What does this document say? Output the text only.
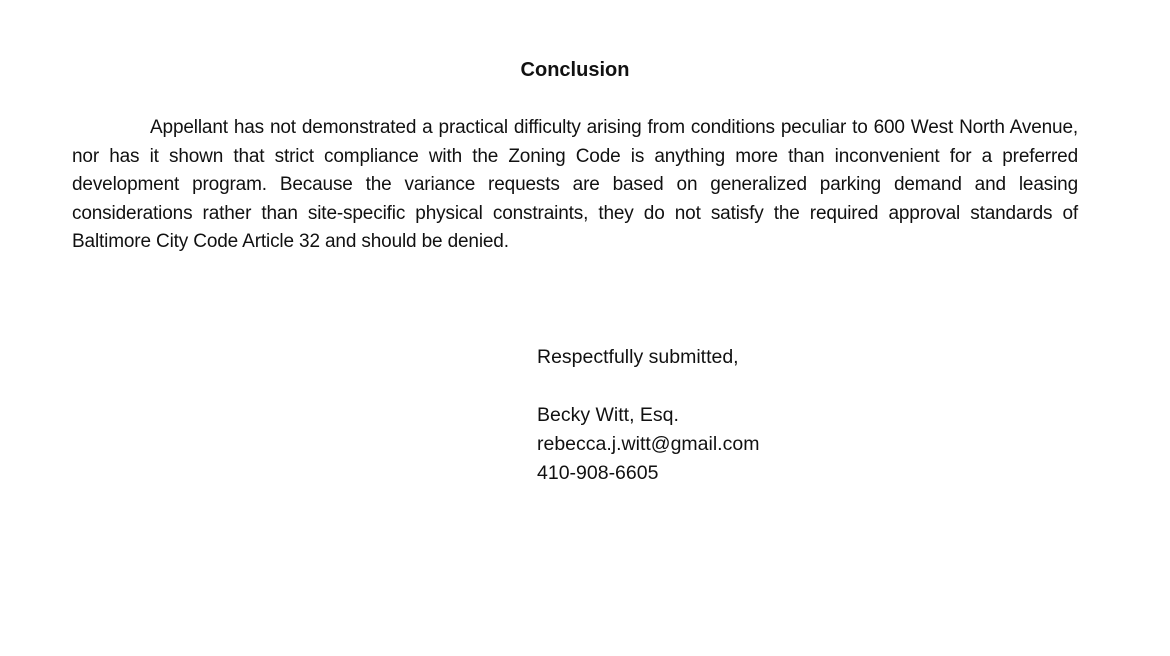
Conclusion

Appellant has not demonstrated a practical difficulty arising from conditions peculiar to 600 West North Avenue, nor has it shown that strict compliance with the Zoning Code is anything more than inconvenient for a preferred development program. Because the variance requests are based on generalized parking demand and leasing considerations rather than site-specific physical constraints, they do not satisfy the required approval standards of Baltimore City Code Article 32 and should be denied.

Respectfully submitted,
Becky Witt, Esq.
rebecca.j.witt@gmail.com
410-908-6605
